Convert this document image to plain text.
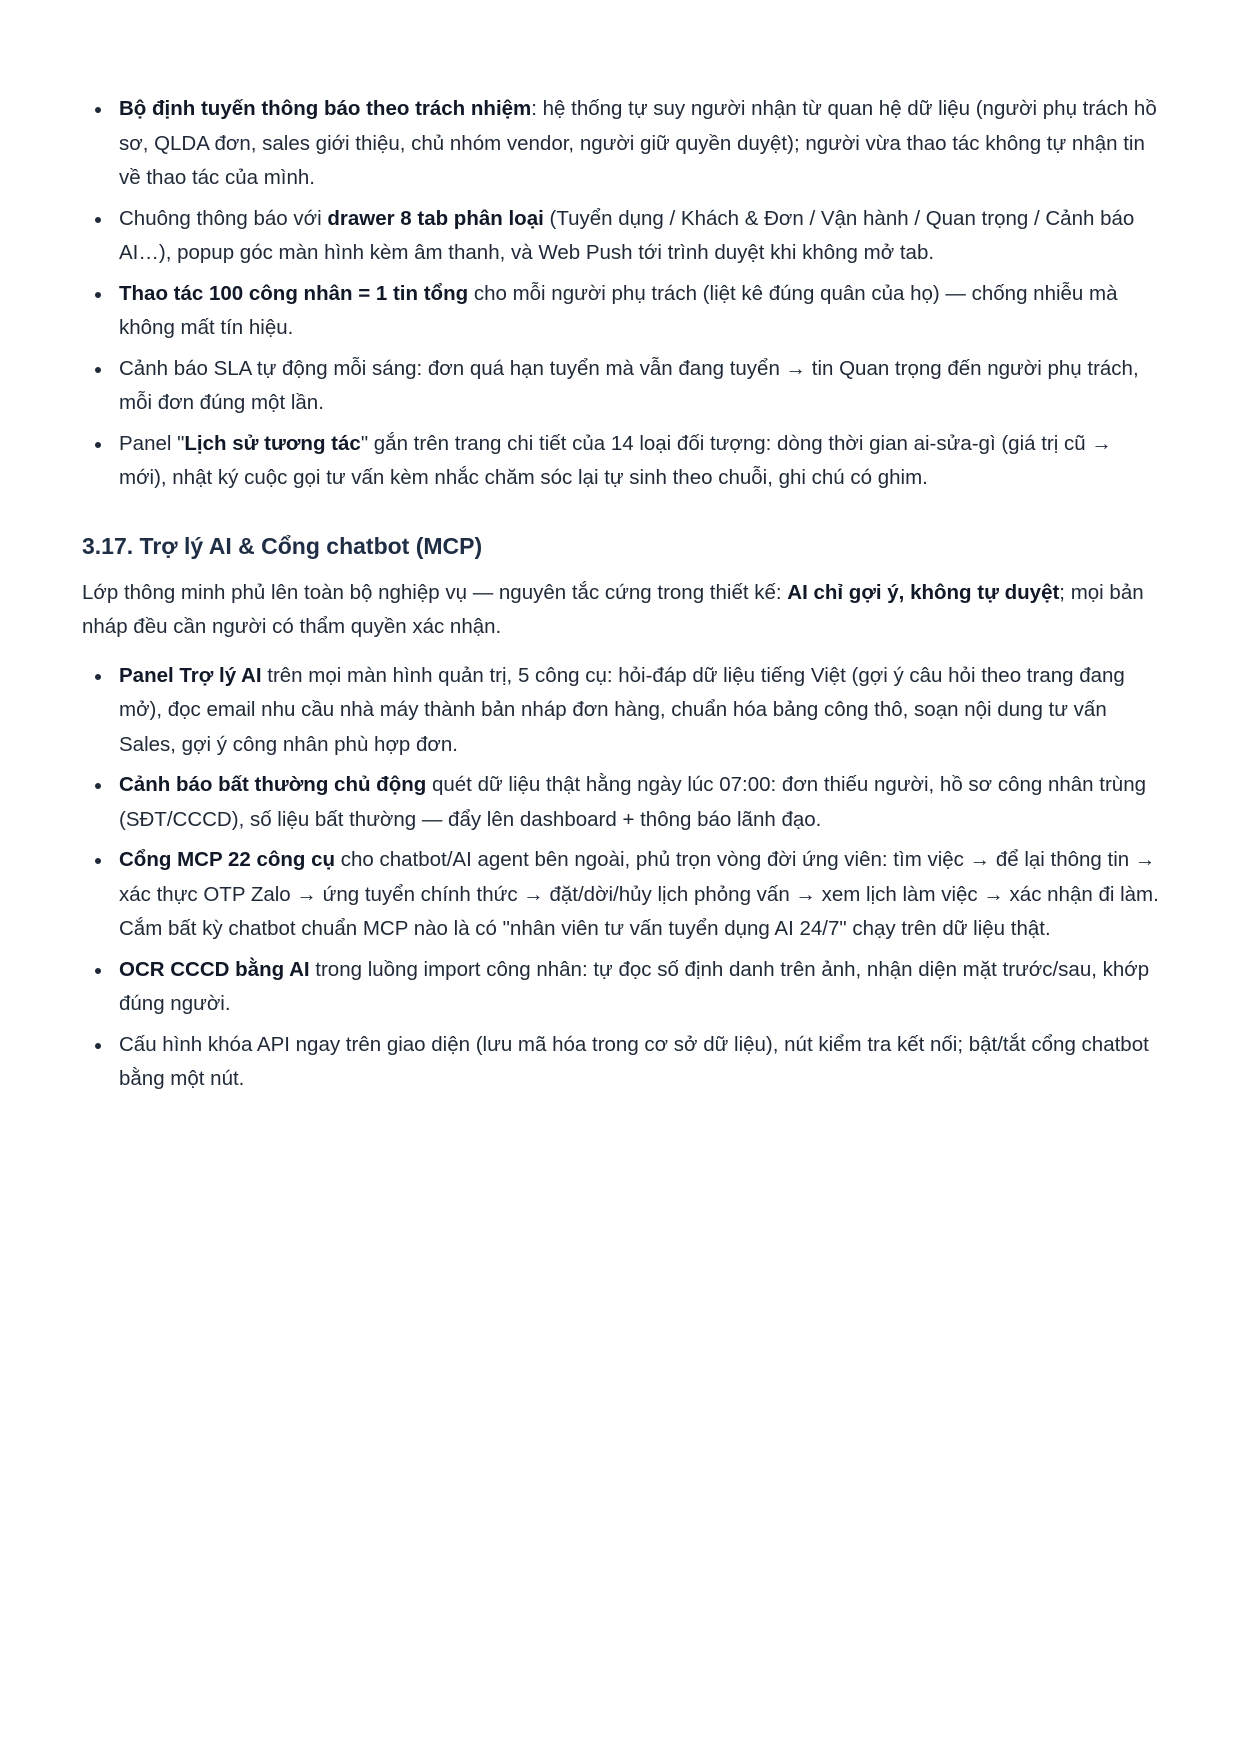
Bộ định tuyến thông báo theo trách nhiệm: hệ thống tự suy người nhận từ quan hệ dữ liệu (người phụ trách hồ sơ, QLDA đơn, sales giới thiệu, chủ nhóm vendor, người giữ quyền duyệt); người vừa thao tác không tự nhận tin về thao tác của mình.
Chuông thông báo với drawer 8 tab phân loại (Tuyển dụng / Khách & Đơn / Vận hành / Quan trọng / Cảnh báo AI…), popup góc màn hình kèm âm thanh, và Web Push tới trình duyệt khi không mở tab.
Thao tác 100 công nhân = 1 tin tổng cho mỗi người phụ trách (liệt kê đúng quân của họ) — chống nhiễu mà không mất tín hiệu.
Cảnh báo SLA tự động mỗi sáng: đơn quá hạn tuyển mà vẫn đang tuyển → tin Quan trọng đến người phụ trách, mỗi đơn đúng một lần.
Panel "Lịch sử tương tác" gắn trên trang chi tiết của 14 loại đối tượng: dòng thời gian ai-sửa-gì (giá trị cũ → mới), nhật ký cuộc gọi tư vấn kèm nhắc chăm sóc lại tự sinh theo chuỗi, ghi chú có ghim.
3.17. Trợ lý AI & Cổng chatbot (MCP)

Lớp thông minh phủ lên toàn bộ nghiệp vụ — nguyên tắc cứng trong thiết kế: AI chỉ gợi ý, không tự duyệt; mọi bản nháp đều cần người có thẩm quyền xác nhận.

Panel Trợ lý AI trên mọi màn hình quản trị, 5 công cụ: hỏi-đáp dữ liệu tiếng Việt (gợi ý câu hỏi theo trang đang mở), đọc email nhu cầu nhà máy thành bản nháp đơn hàng, chuẩn hóa bảng công thô, soạn nội dung tư vấn Sales, gợi ý công nhân phù hợp đơn.
Cảnh báo bất thường chủ động quét dữ liệu thật hằng ngày lúc 07:00: đơn thiếu người, hồ sơ công nhân trùng (SĐT/CCCD), số liệu bất thường — đẩy lên dashboard + thông báo lãnh đạo.
Cổng MCP 22 công cụ cho chatbot/AI agent bên ngoài, phủ trọn vòng đời ứng viên: tìm việc → để lại thông tin → xác thực OTP Zalo → ứng tuyển chính thức → đặt/dời/hủy lịch phỏng vấn → xem lịch làm việc → xác nhận đi làm. Cắm bất kỳ chatbot chuẩn MCP nào là có "nhân viên tư vấn tuyển dụng AI 24/7" chạy trên dữ liệu thật.
OCR CCCD bằng AI trong luồng import công nhân: tự đọc số định danh trên ảnh, nhận diện mặt trước/sau, khớp đúng người.
Cấu hình khóa API ngay trên giao diện (lưu mã hóa trong cơ sở dữ liệu), nút kiểm tra kết nối; bật/tắt cổng chatbot bằng một nút.
